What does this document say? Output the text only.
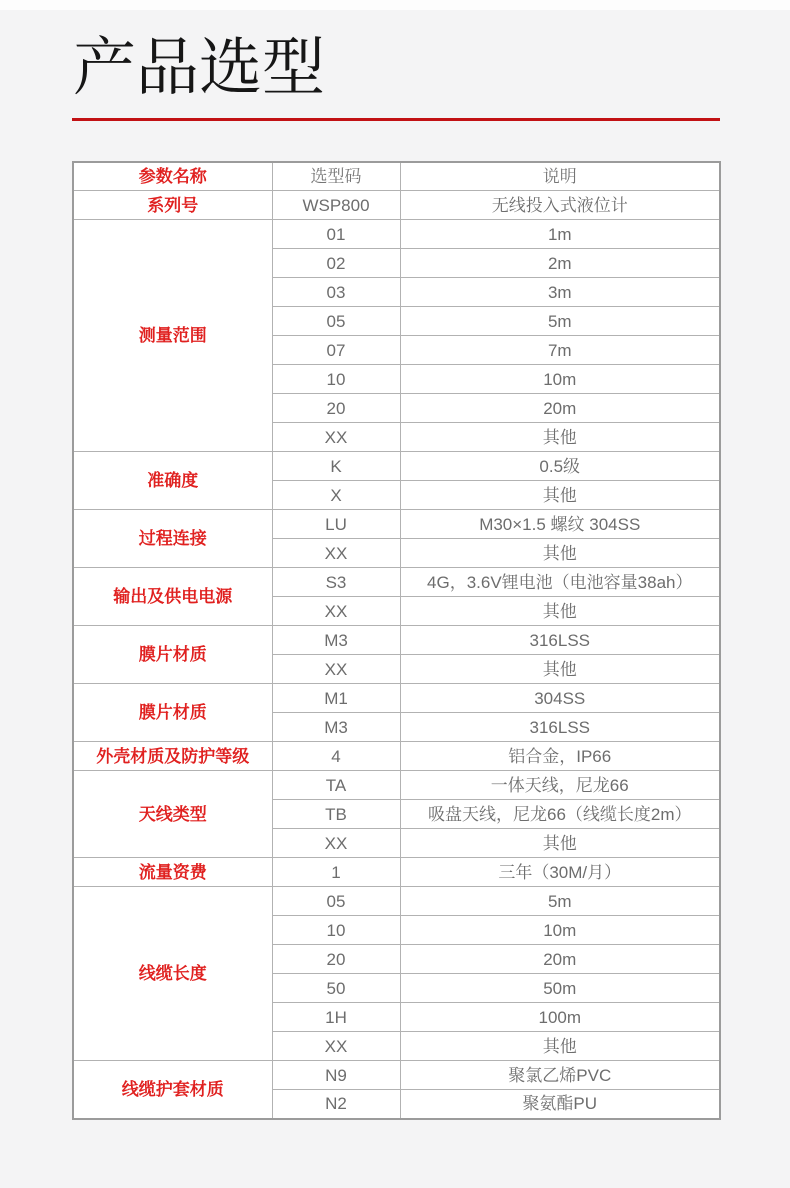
产品选型
参数名称	选型码	说明
系列号	WSP800	无线投入式液位计
测量范围	01	1m
	02	2m
	03	3m
	05	5m
	07	7m
	10	10m
	20	20m
	XX	其他
准确度	K	0.5级
	X	其他
过程连接	LU	M30×1.5 螺纹 304SS
	XX	其他
输出及供电电源	S3	4G，3.6V锂电池（电池容量38ah）
	XX	其他
膜片材质	M3	316LSS
	XX	其他
膜片材质	M1	304SS
	M3	316LSS
外壳材质及防护等级	4	铝合金，IP66
天线类型	TA	一体天线，尼龙66
	TB	吸盘天线，尼龙66（线缆长度2m）
	XX	其他
流量资费	1	三年（30M/月）
线缆长度	05	5m
	10	10m
	20	20m
	50	50m
	1H	100m
	XX	其他
线缆护套材质	N9	聚氯乙烯PVC
	N2	聚氨酯PU
